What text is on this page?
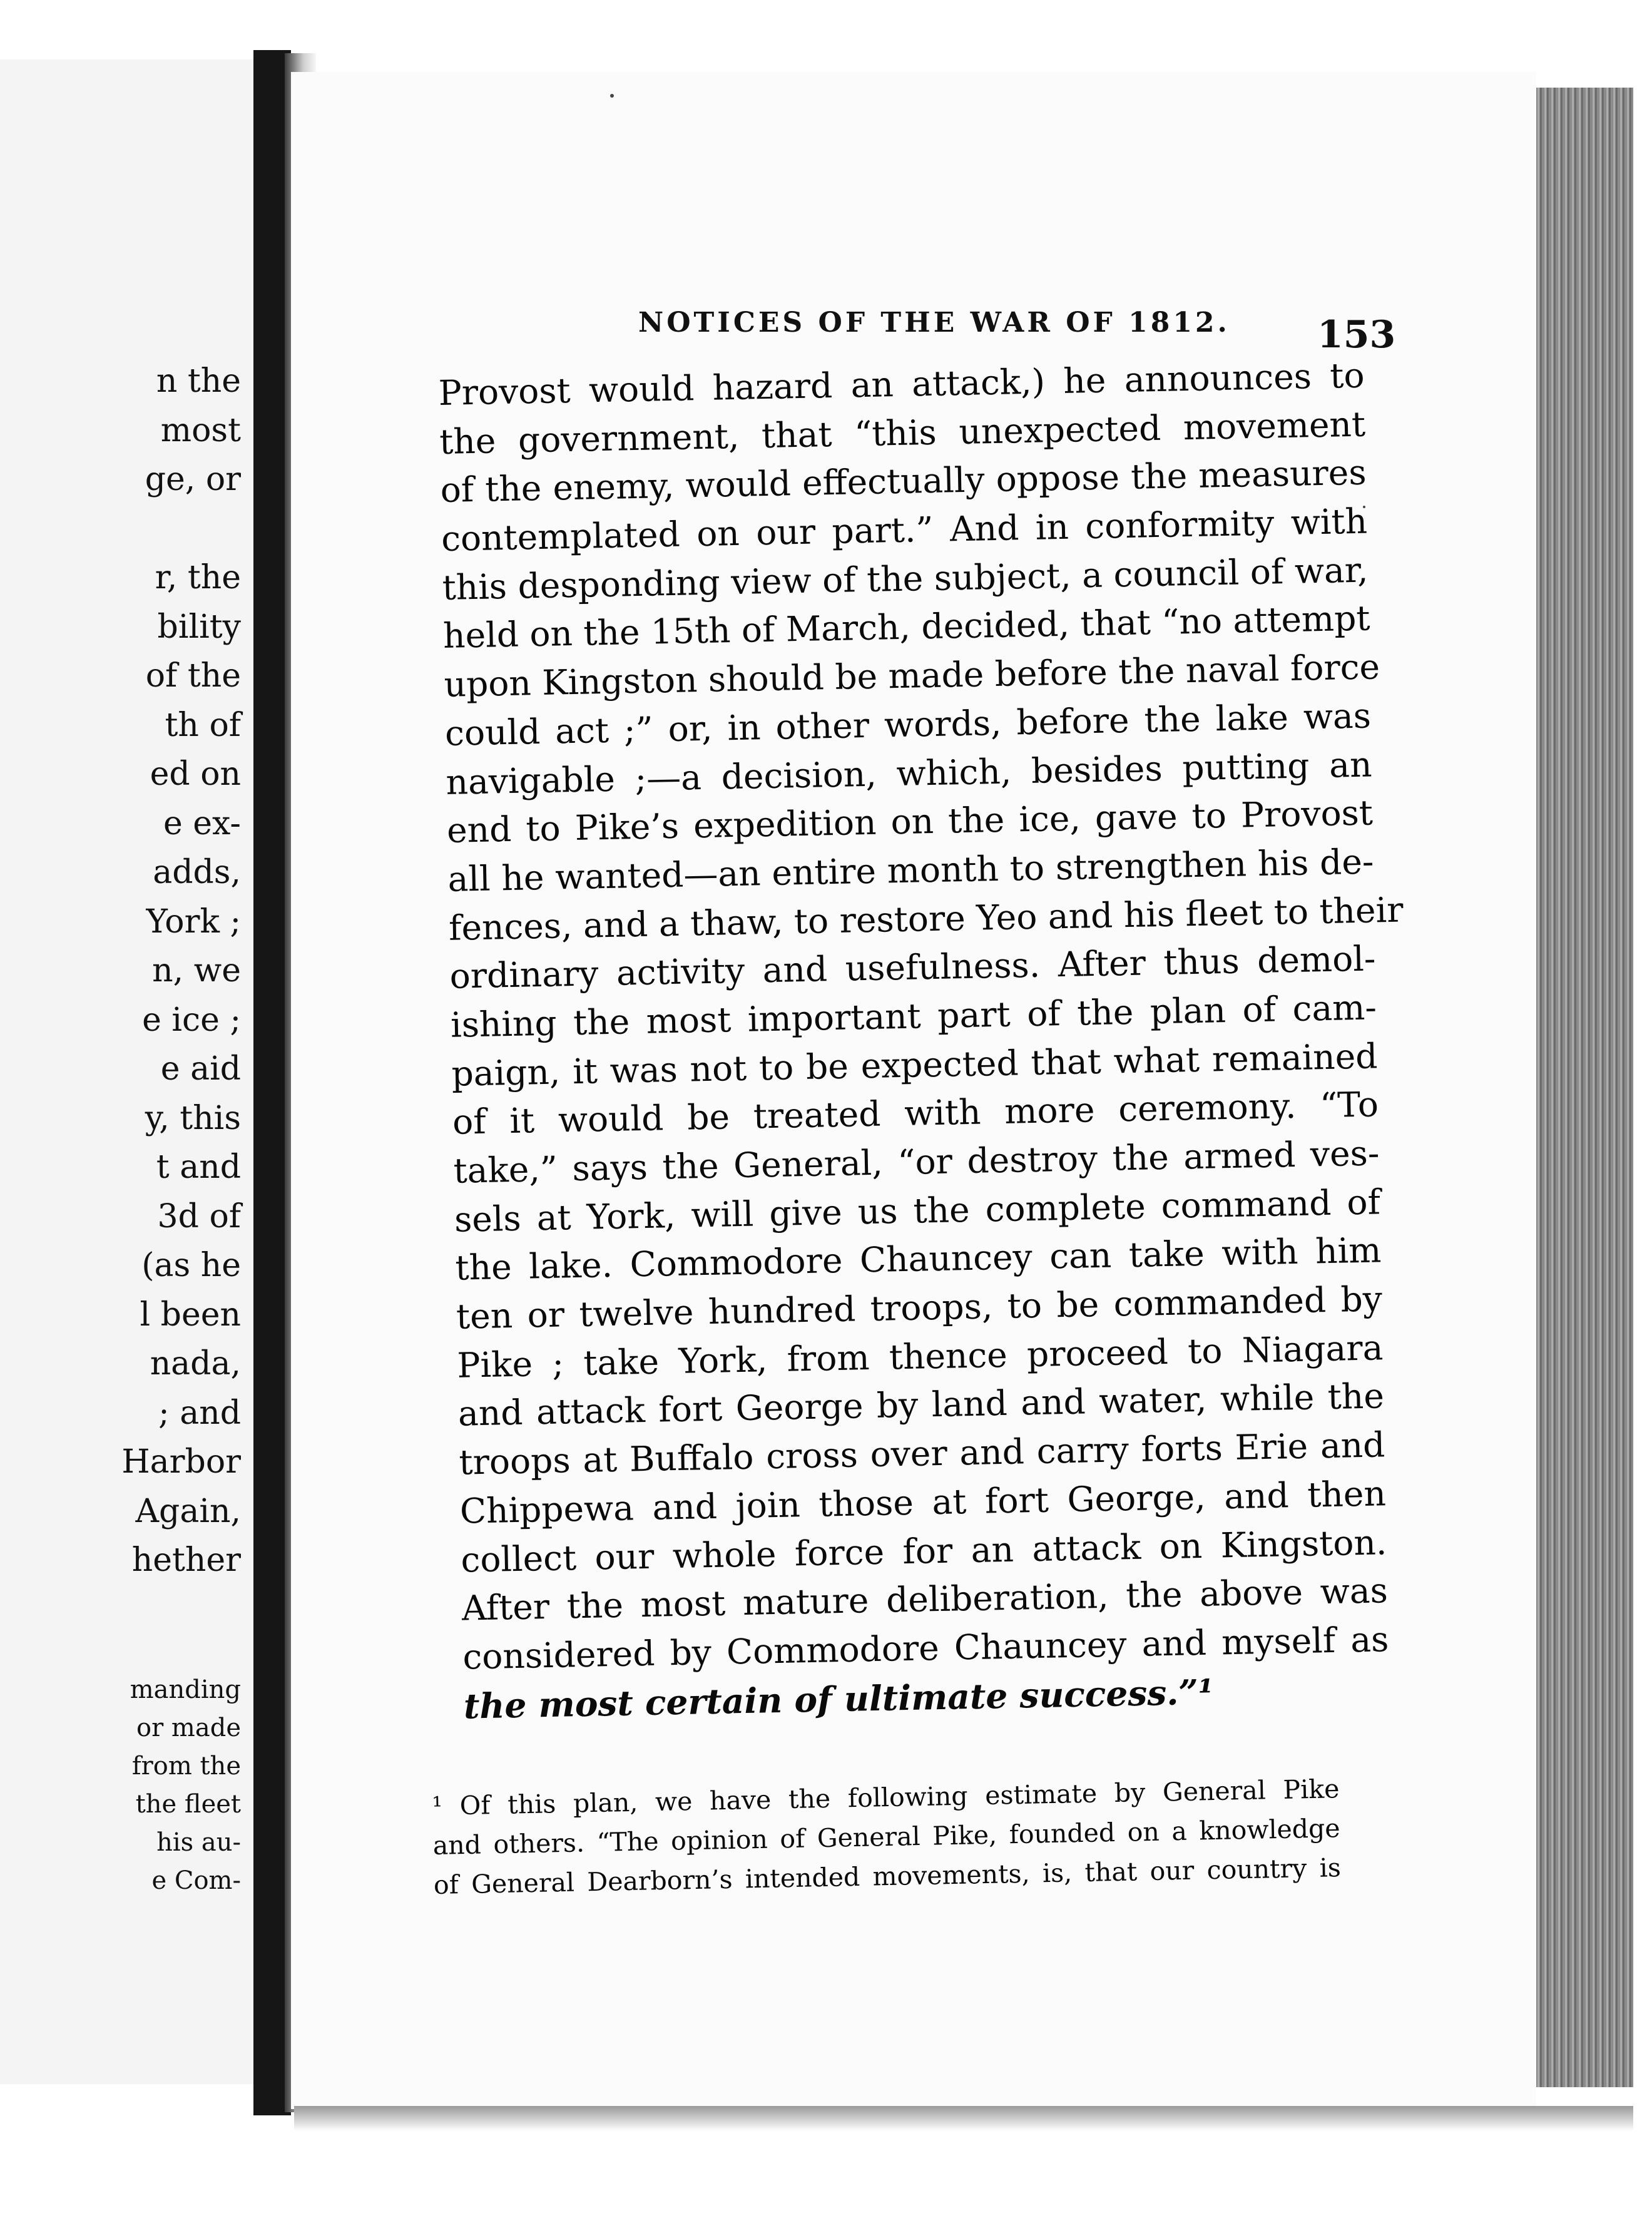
n the
most
ge, or
r, the
bility
of the
th of
ed on
e ex-
adds,
York ;
n, we
e ice ;
e aid
y, this
t and
3d of
(as he
l been
nada,
; and
Harbor
Again,
hether
manding
or made
from the
the fleet
his au-
e Com-
NOTICES OF THE WAR OF 1812.	153
Provost would hazard an attack,) he announces to
the government, that “this unexpected movement
of the enemy, would effectually oppose the measures
contemplated on our part.” And in conformity with
this desponding view of the subject, a council of war,
held on the 15th of March, decided, that “no attempt
upon Kingston should be made before the naval force
could act ;” or, in other words, before the lake was
navigable ;—a decision, which, besides putting an
end to Pike’s expedition on the ice, gave to Provost
all he wanted—an entire month to strengthen his de-
fences, and a thaw, to restore Yeo and his fleet to their
ordinary activity and usefulness. After thus demol-
ishing the most important part of the plan of cam-
paign, it was not to be expected that what remained
of it would be treated with more ceremony. “To
take,” says the General, “or destroy the armed ves-
sels at York, will give us the complete command of
the lake. Commodore Chauncey can take with him
ten or twelve hundred troops, to be commanded by
Pike ; take York, from thence proceed to Niagara
and attack fort George by land and water, while the
troops at Buffalo cross over and carry forts Erie and
Chippewa and join those at fort George, and then
collect our whole force for an attack on Kingston.
After the most mature deliberation, the above was
considered by Commodore Chauncey and myself as
the most certain of ultimate success.”¹
¹ Of this plan, we have the following estimate by General Pike
and others. “The opinion of General Pike, founded on a knowledge
of General Dearborn’s intended movements, is, that our country is
